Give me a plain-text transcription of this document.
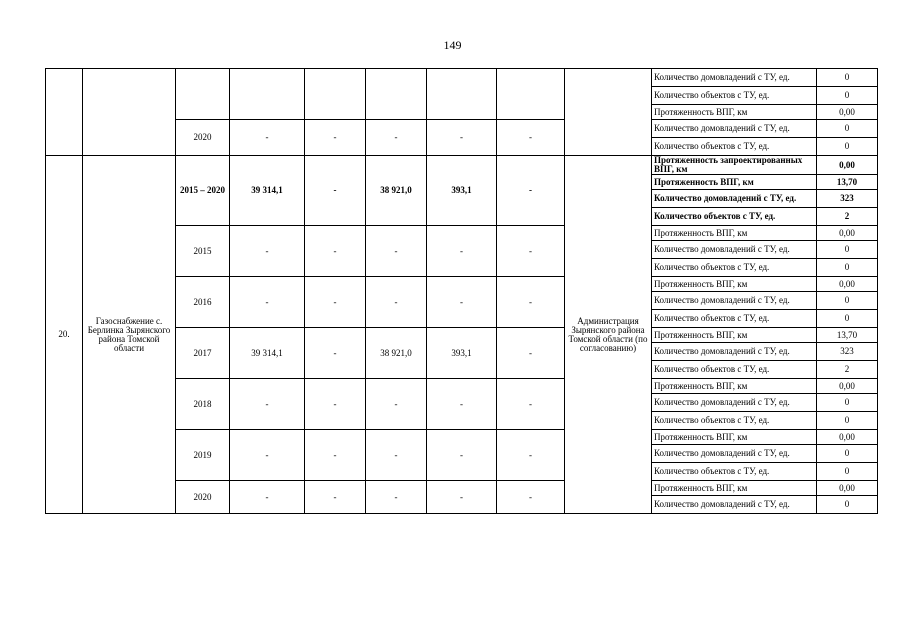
149
									Количество домовладений с ТУ, ед.	0
									Количество объектов с ТУ, ед.	0
									Протяженность ВПГ, км	0,00
		2020	-	-	-	-	-		Количество домовладений с ТУ, ед.	0
									Количество объектов с ТУ, ед.	0
20.	Газоснабжение с. Берлинка Зырянского района Томской области	2015 – 2020	39 314,1	-	38 921,0	393,1	-	Администрация Зырянского района Томской области (по согласованию)	Протяженность запроектированных ВПГ, км	0,00
									Протяженность ВПГ, км	13,70
									Количество домовладений с ТУ, ед.	323
									Количество объектов с ТУ, ед.	2
		2015	-	-	-	-	-		Протяженность ВПГ, км	0,00
									Количество домовладений с ТУ, ед.	0
									Количество объектов с ТУ, ед.	0
		2016	-	-	-	-	-		Протяженность ВПГ, км	0,00
									Количество домовладений с ТУ, ед.	0
									Количество объектов с ТУ, ед.	0
		2017	39 314,1	-	38 921,0	393,1	-		Протяженность ВПГ, км	13,70
									Количество домовладений с ТУ, ед.	323
									Количество объектов с ТУ, ед.	2
		2018	-	-	-	-	-		Протяженность ВПГ, км	0,00
									Количество домовладений с ТУ, ед.	0
									Количество объектов с ТУ, ед.	0
		2019	-	-	-	-	-		Протяженность ВПГ, км	0,00
									Количество домовладений с ТУ, ед.	0
									Количество объектов с ТУ, ед.	0
		2020	-	-	-	-	-		Протяженность ВПГ, км	0,00
									Количество домовладений с ТУ, ед.	0
